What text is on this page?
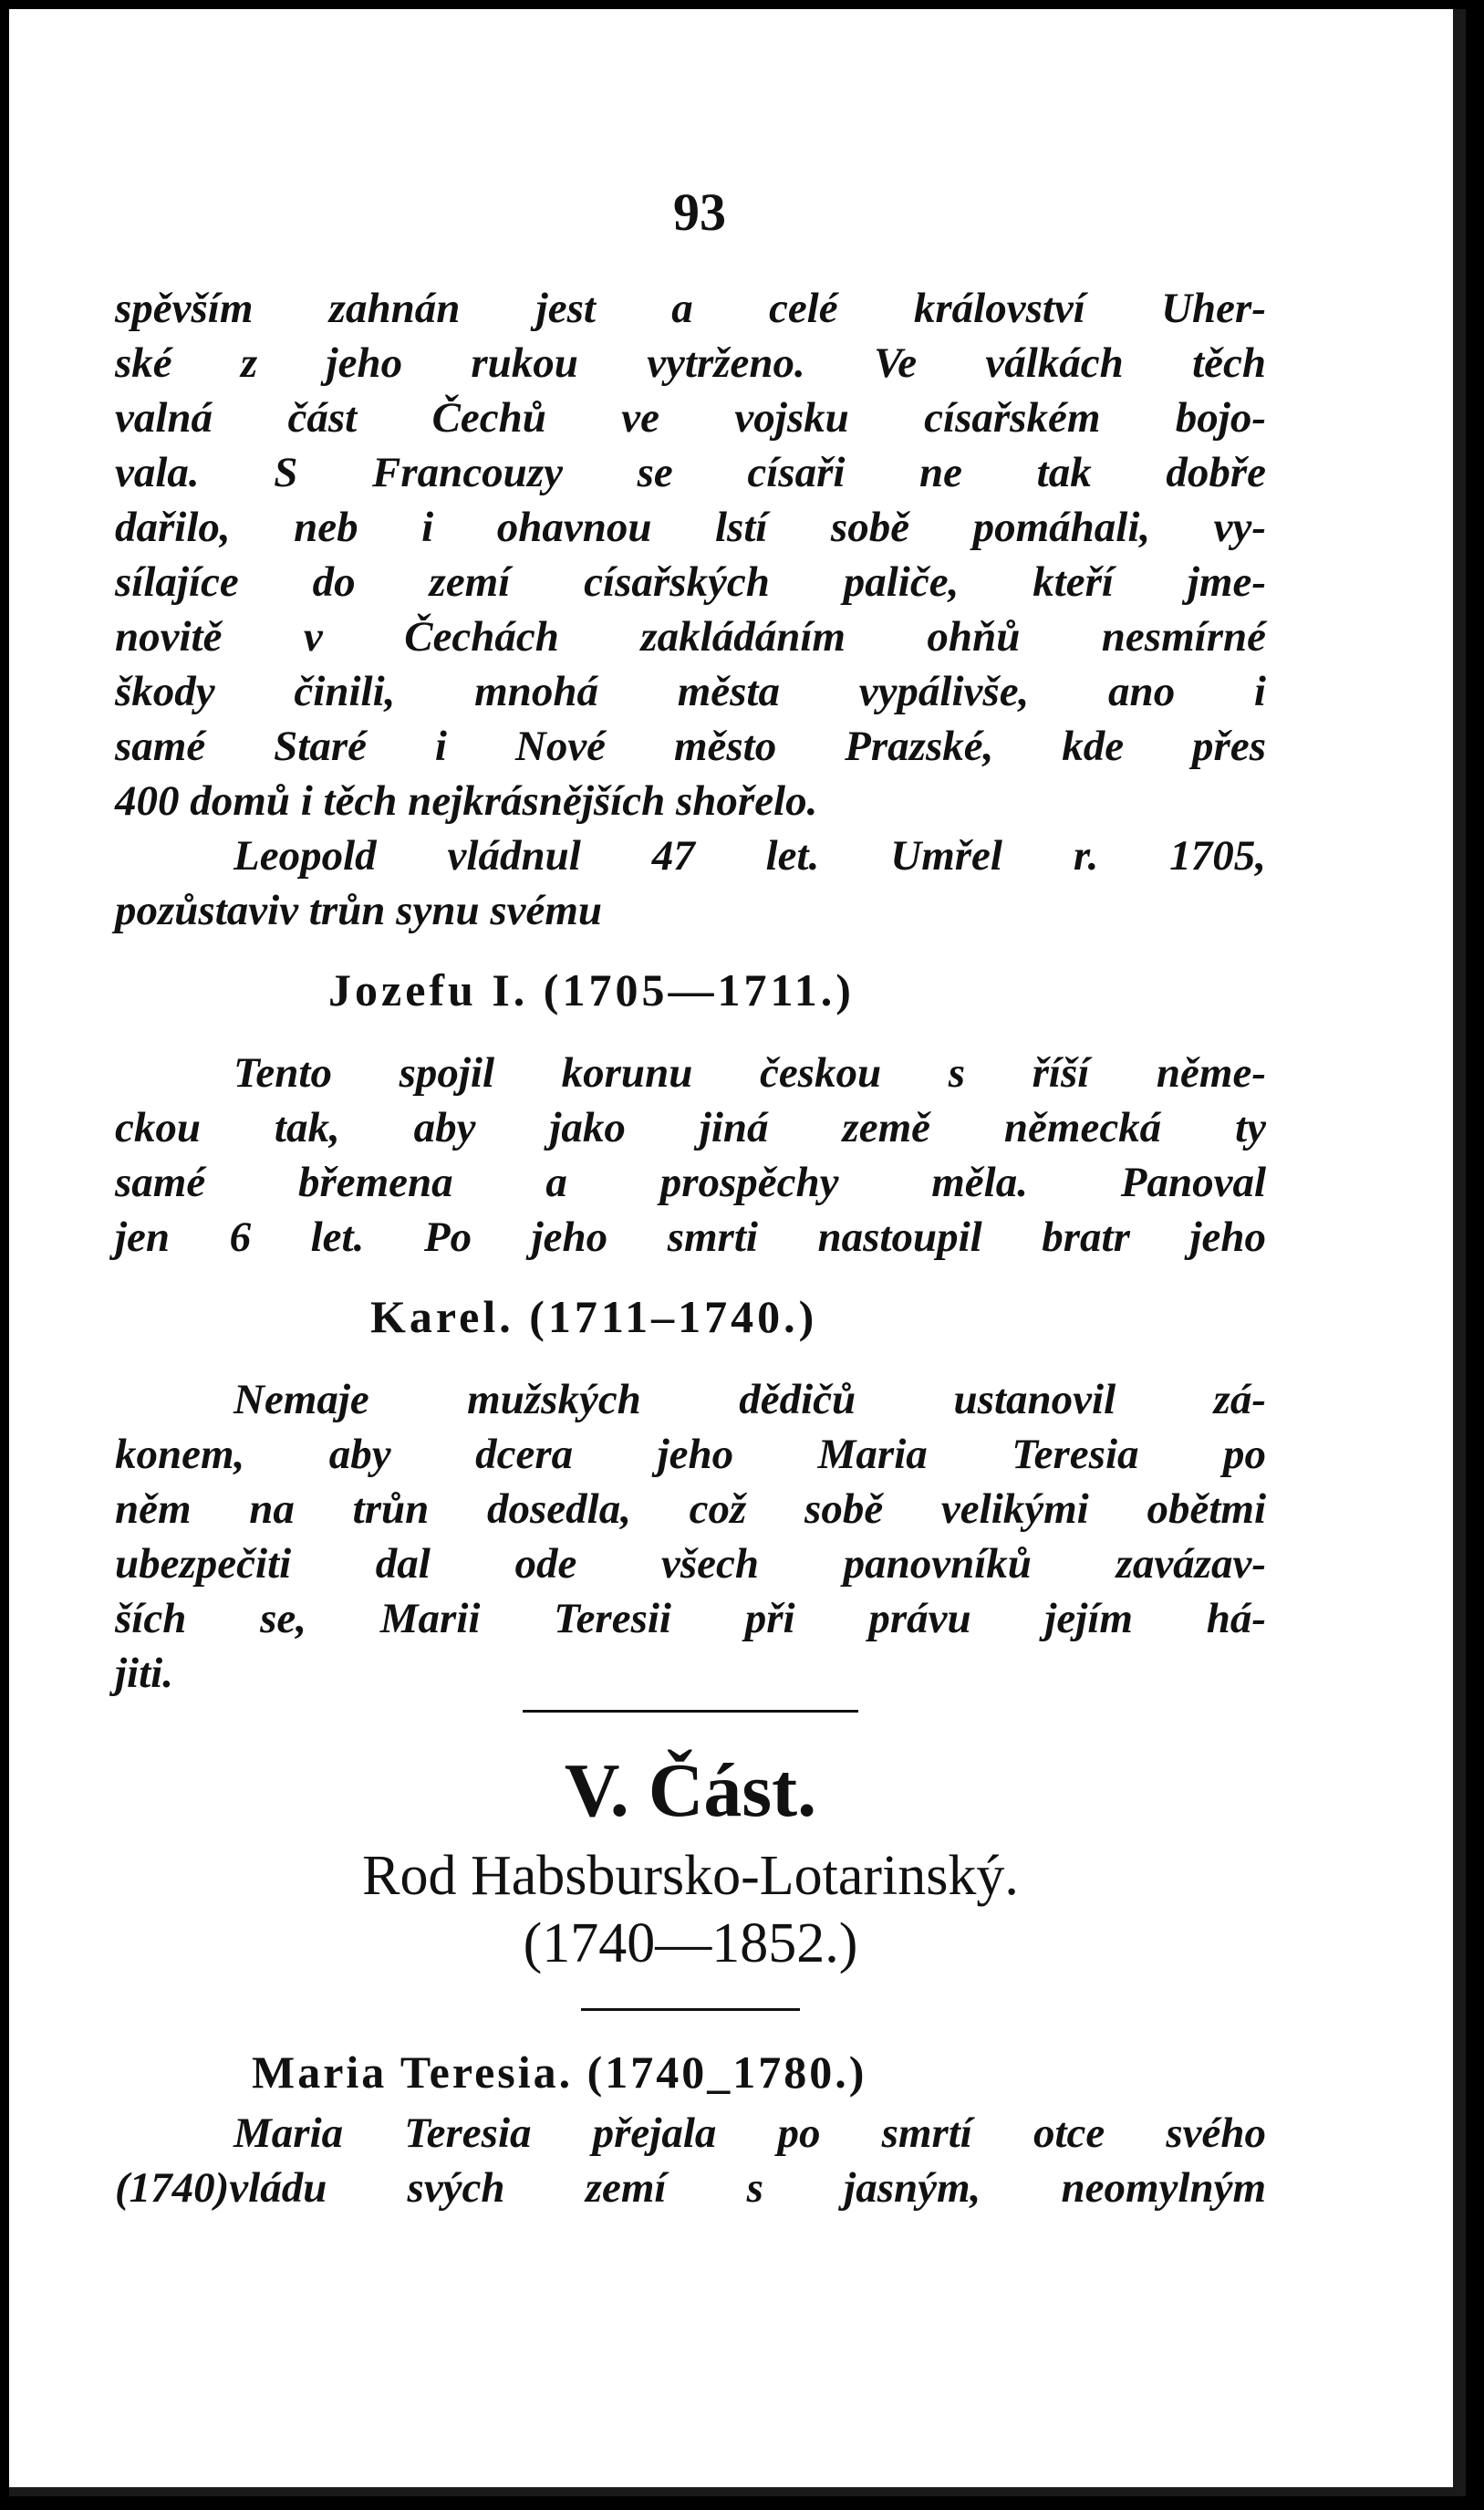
93

spěvším zahnán jest a celé království Uher-
ské z jeho rukou vytrženo. Ve válkách těch
valná část Čechů ve vojsku císařském bojo-
vala. S Francouzy se císaři ne tak dobře
dařilo, neb i ohavnou lstí sobě pomáhali, vy-
sílajíce do zemí císařských paliče, kteří jme-
novitě v Čechách zakládáním ohňů nesmírné
škody činili, mnohá města vypálivše, ano i
samé Staré i Nové město Prazské, kde přes
400 domů i těch nejkrásnějších shořelo.

Leopold vládnul 47 let. Umřel r. 1705,
pozůstaviv trůn synu svému

Jozefu I. (1705—1711.)

Tento spojil korunu českou s říší něme-
ckou tak, aby jako jiná země německá ty
samé břemena a prospěchy měla. Panoval
jen 6 let. Po jeho smrti nastoupil bratr jeho

Karel. (1711–1740.)

Nemaje mužských dědičů ustanovil zá-
konem, aby dcera jeho Maria Teresia po
něm na trůn dosedla, což sobě velikými obětmi
ubezpečiti dal ode všech panovníků zavázav-
ších se, Marii Teresii při právu jejím há-
jiti.

V. Část.
Rod Habsbursko-Lotarinský.
(1740—1852.)
Maria Teresia. (1740_1780.)

Maria Teresia přejala po smrtí otce svého
(1740)vládu svých zemí s jasným, neomylným
